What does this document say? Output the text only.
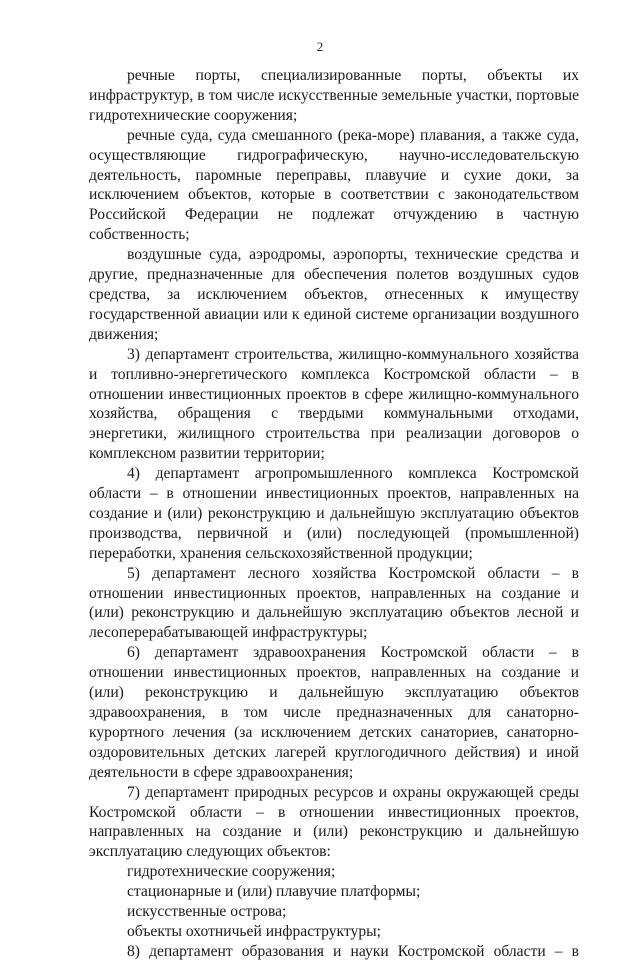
2

речные порты, специализированные порты, объекты их инфраструктур, в том числе искусственные земельные участки, портовые гидротехнические сооружения;

речные суда, суда смешанного (река-море) плавания, а также суда, осуществляющие гидрографическую, научно-исследовательскую деятельность, паромные переправы, плавучие и сухие доки, за исключением объектов, которые в соответствии с законодательством Российской Федерации не подлежат отчуждению в частную собственность;

воздушные суда, аэродромы, аэропорты, технические средства и другие, предназначенные для обеспечения полетов воздушных судов средства, за исключением объектов, отнесенных к имуществу государственной авиации или к единой системе организации воздушного движения;

3) департамент строительства, жилищно-коммунального хозяйства и топливно-энергетического комплекса Костромской области – в отношении инвестиционных проектов в сфере жилищно-коммунального хозяйства, обращения с твердыми коммунальными отходами, энергетики, жилищного строительства при реализации договоров о комплексном развитии территории;

4) департамент агропромышленного комплекса Костромской области – в отношении инвестиционных проектов, направленных на создание и (или) реконструкцию и дальнейшую эксплуатацию объектов производства, первичной и (или) последующей (промышленной) переработки, хранения сельскохозяйственной продукции;

5) департамент лесного хозяйства Костромской области – в отношении инвестиционных проектов, направленных на создание и (или) реконструкцию и дальнейшую эксплуатацию объектов лесной и лесоперерабатывающей инфраструктуры;

6) департамент здравоохранения Костромской области – в отношении инвестиционных проектов, направленных на создание и (или) реконструкцию и дальнейшую эксплуатацию объектов здравоохранения, в том числе предназначенных для санаторно-курортного лечения (за исключением детских санаториев, санаторно-оздоровительных детских лагерей круглогодичного действия) и иной деятельности в сфере здравоохранения;

7) департамент природных ресурсов и охраны окружающей среды Костромской области – в отношении инвестиционных проектов, направленных на создание и (или) реконструкцию и дальнейшую эксплуатацию следующих объектов:

гидротехнические сооружения;

стационарные и (или) плавучие платформы;

искусственные острова;

объекты охотничьей инфраструктуры;

8) департамент образования и науки Костромской области – в
